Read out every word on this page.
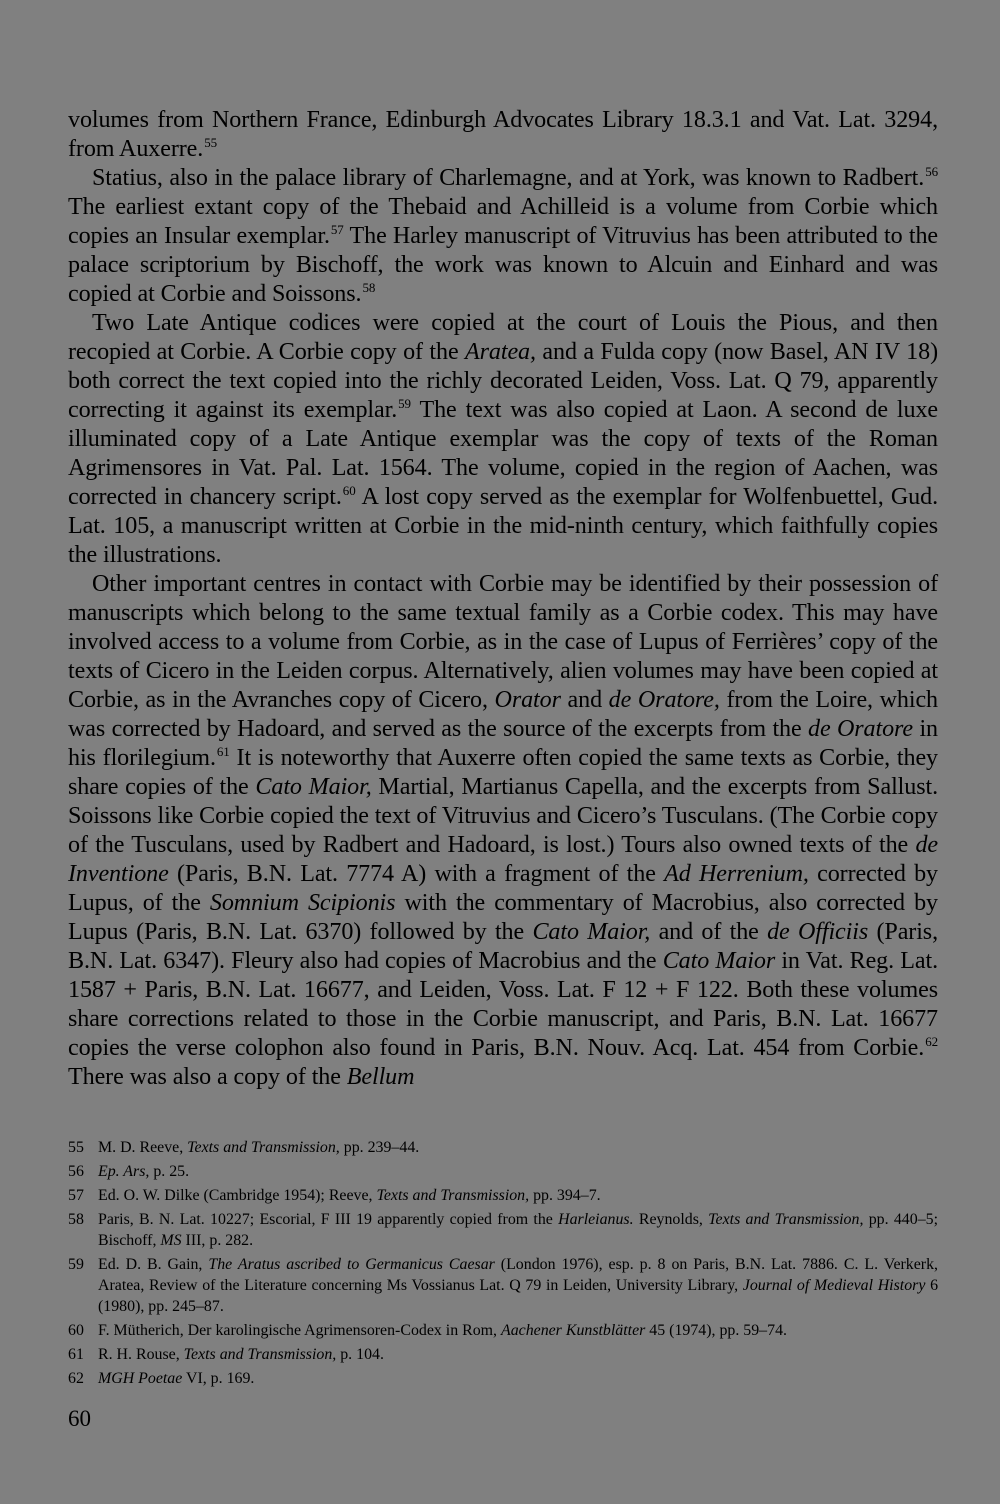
volumes from Northern France, Edinburgh Advocates Library 18.3.1 and Vat. Lat. 3294, from Auxerre.$^{55}$

Statius, also in the palace library of Charlemagne, and at York, was known to Radbert.$^{56}$ The earliest extant copy of the Thebaid and Achilleid is a volume from Corbie which copies an Insular exemplar.$^{57}$ The Harley manuscript of Vitruvius has been attributed to the palace scriptorium by Bischoff, the work was known to Alcuin and Einhard and was copied at Corbie and Soissons.$^{58}$

Two Late Antique codices were copied at the court of Louis the Pious, and then recopied at Corbie. A Corbie copy of the Aratea, and a Fulda copy (now Basel, AN IV 18) both correct the text copied into the richly decorated Leiden, Voss. Lat. Q 79, apparently correcting it against its exemplar.$^{59}$ The text was also copied at Laon. A second de luxe illuminated copy of a Late Antique exemplar was the copy of texts of the Roman Agrimensores in Vat. Pal. Lat. 1564. The volume, copied in the region of Aachen, was corrected in chancery script.$^{60}$ A lost copy served as the exemplar for Wolfenbuettel, Gud. Lat. 105, a manuscript written at Corbie in the mid-ninth century, which faithfully copies the illustrations.

Other important centres in contact with Corbie may be identified by their possession of manuscripts which belong to the same textual family as a Corbie codex. This may have involved access to a volume from Corbie, as in the case of Lupus of Ferrières’ copy of the texts of Cicero in the Leiden corpus. Alternatively, alien volumes may have been copied at Corbie, as in the Avranches copy of Cicero, Orator and de Oratore, from the Loire, which was corrected by Hadoard, and served as the source of the excerpts from the de Oratore in his florilegium.$^{61}$ It is noteworthy that Auxerre often copied the same texts as Corbie, they share copies of the Cato Maior, Martial, Martianus Capella, and the excerpts from Sallust. Soissons like Corbie copied the text of Vitruvius and Cicero’s Tusculans. (The Corbie copy of the Tusculans, used by Radbert and Hadoard, is lost.) Tours also owned texts of the de Inventione (Paris, B.N. Lat. 7774 A) with a fragment of the Ad Herrenium, corrected by Lupus, of the Somnium Scipionis with the commentary of Macrobius, also corrected by Lupus (Paris, B.N. Lat. 6370) followed by the Cato Maior, and of the de Officiis (Paris, B.N. Lat. 6347). Fleury also had copies of Macrobius and the Cato Maior in Vat. Reg. Lat. 1587 + Paris, B.N. Lat. 16677, and Leiden, Voss. Lat. F 12 + F 122. Both these volumes share corrections related to those in the Corbie manuscript, and Paris, B.N. Lat. 16677 copies the verse colophon also found in Paris, B.N. Nouv. Acq. Lat. 454 from Corbie.$^{62}$ There was also a copy of the Bellum

55 M. D. Reeve, Texts and Transmission, pp. 239–44.
56 Ep. Ars, p. 25.
57 Ed. O. W. Dilke (Cambridge 1954); Reeve, Texts and Transmission, pp. 394–7.
58 Paris, B. N. Lat. 10227; Escorial, F III 19 apparently copied from the Harleianus. Reynolds, Texts and Transmission, pp. 440–5; Bischoff, MS III, p. 282.
59 Ed. D. B. Gain, The Aratus ascribed to Germanicus Caesar (London 1976), esp. p. 8 on Paris, B.N. Lat. 7886. C. L. Verkerk, Aratea, Review of the Literature concerning Ms Vossianus Lat. Q 79 in Leiden, University Library, Journal of Medieval History 6 (1980), pp. 245–87.
60 F. Mütherich, Der karolingische Agrimensoren-Codex in Rom, Aachener Kunstblätter 45 (1974), pp. 59–74.
61 R. H. Rouse, Texts and Transmission, p. 104.
62 MGH Poetae VI, p. 169.
60
